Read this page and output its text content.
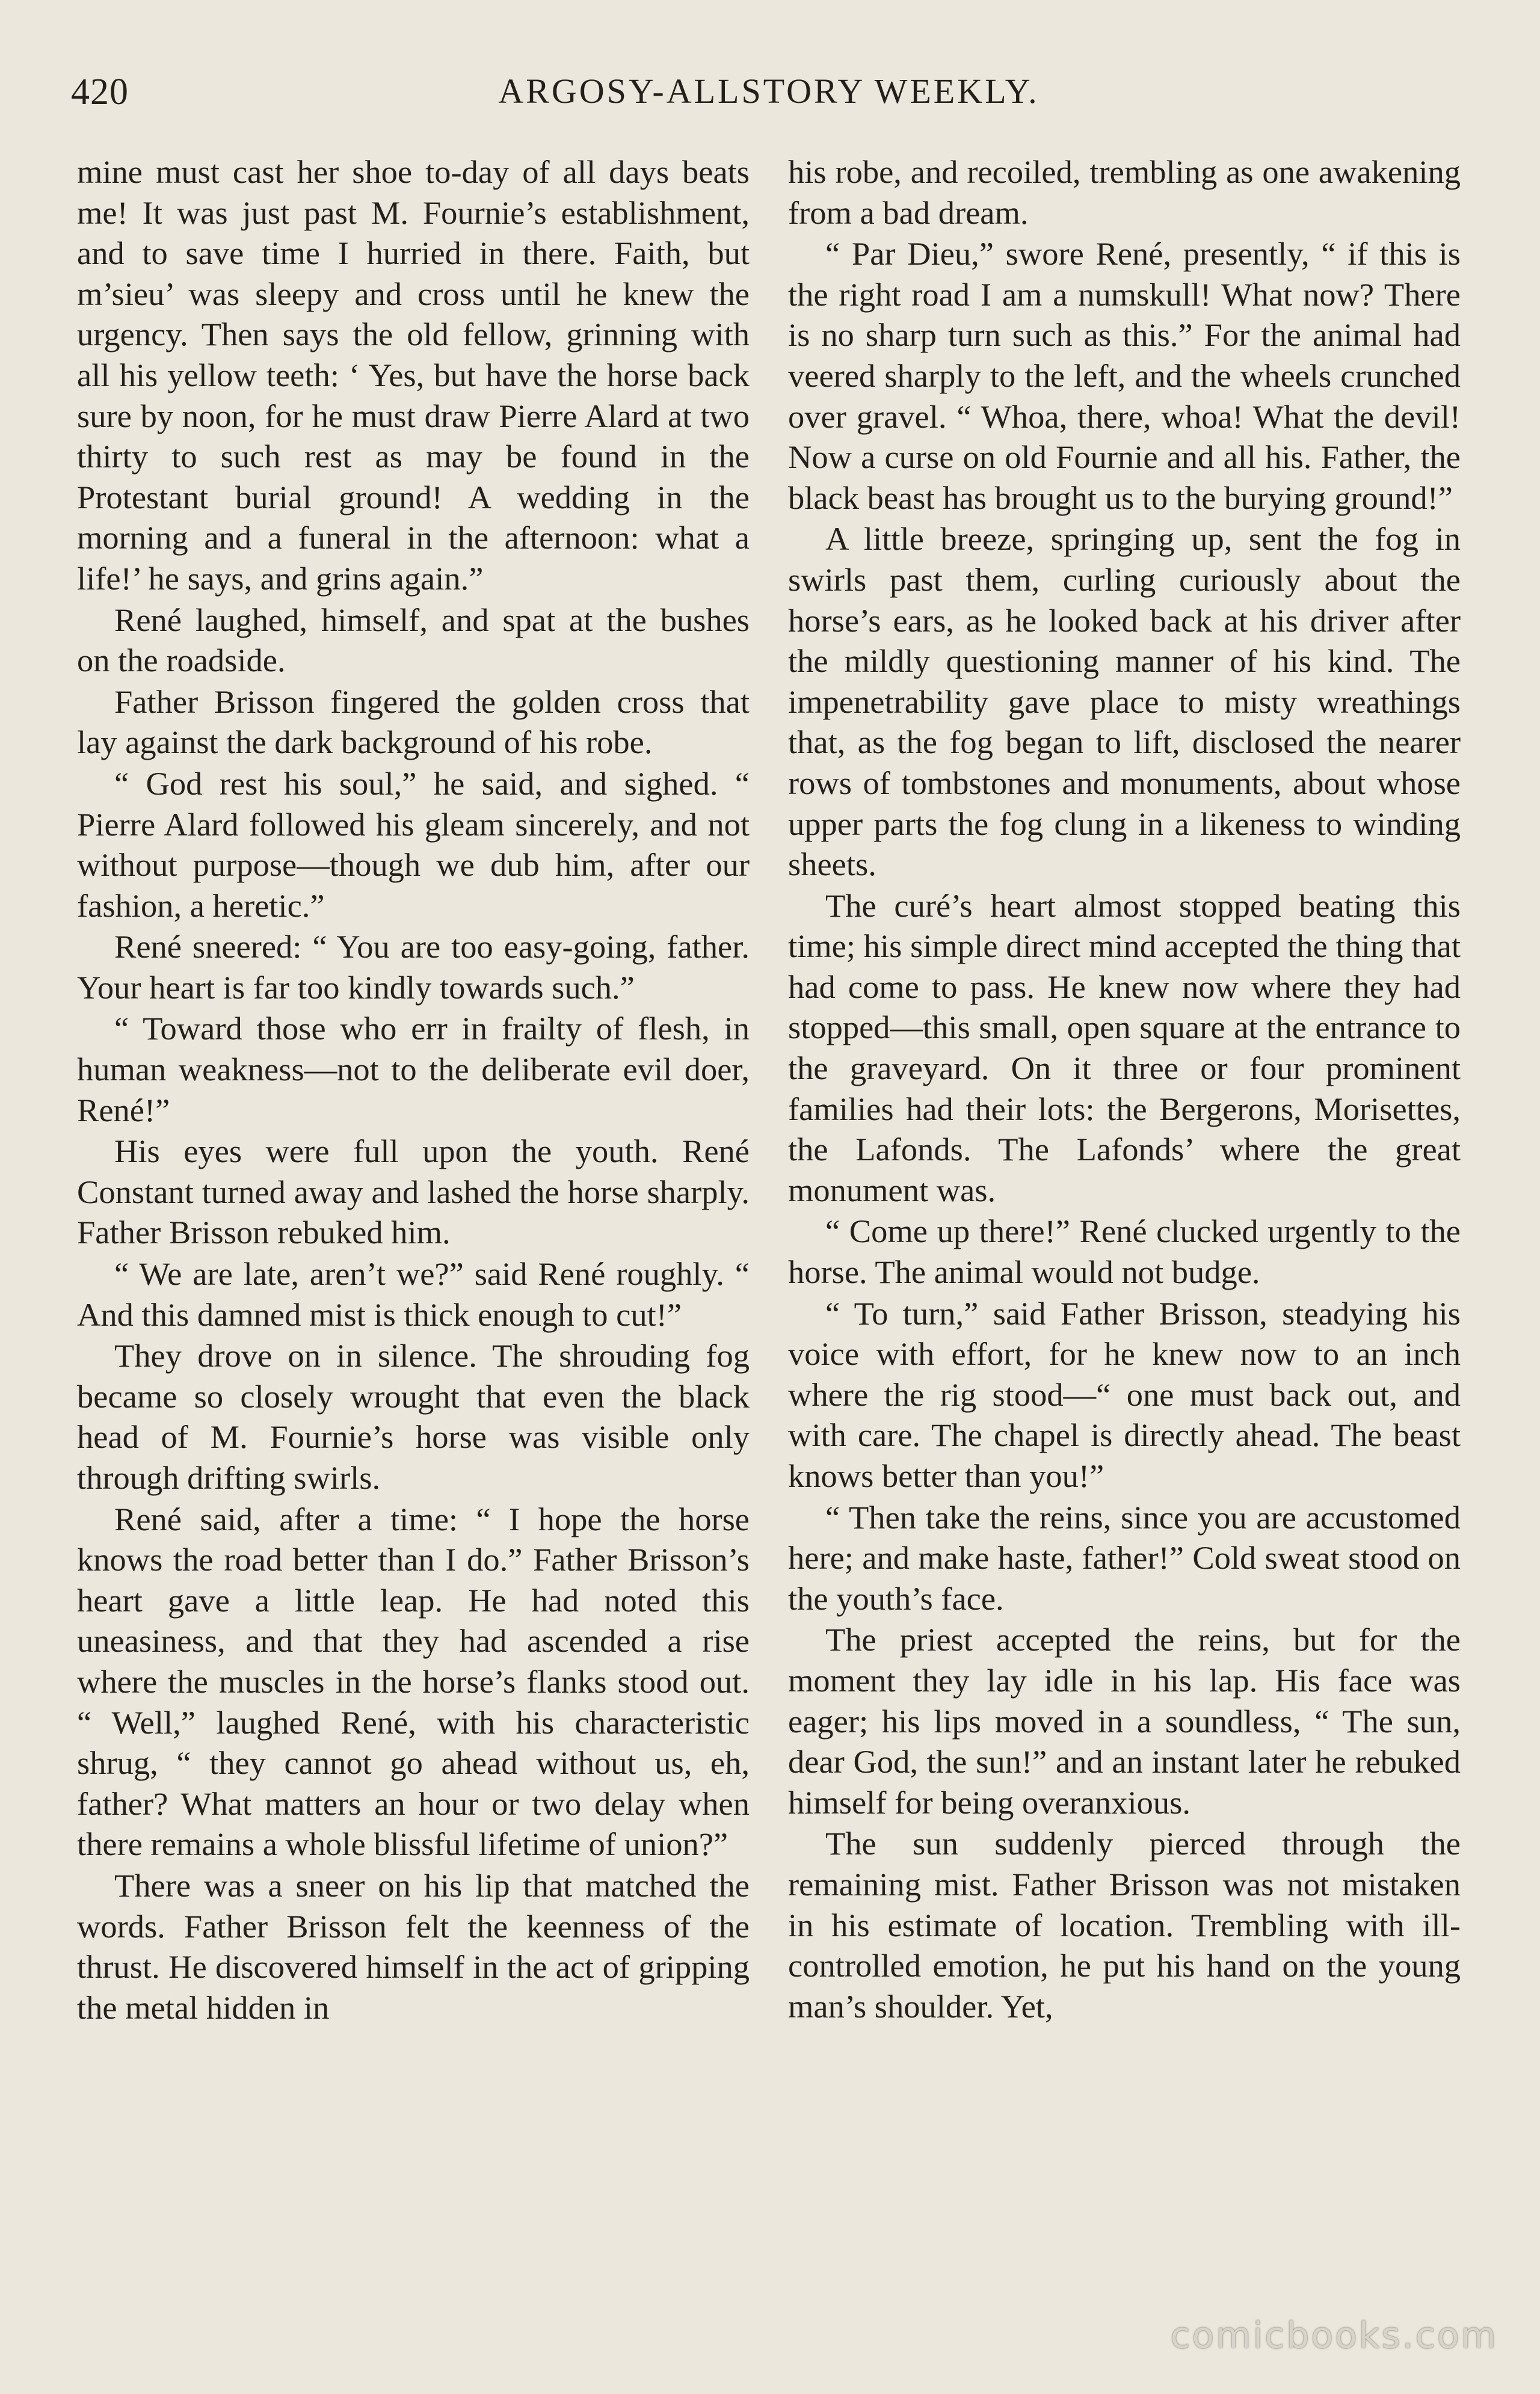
420	ARGOSY-ALLSTORY WEEKLY.

mine must cast her shoe to-day of all days beats me! It was just past M. Fournie’s establishment, and to save time I hurried in there. Faith, but m’sieu’ was sleepy and cross until he knew the urgency. Then says the old fellow, grinning with all his yellow teeth: ‘ Yes, but have the horse back sure by noon, for he must draw Pierre Alard at two thirty to such rest as may be found in the Protestant burial ground! A wedding in the morning and a funeral in the afternoon: what a life!’ he says, and grins again.”

René laughed, himself, and spat at the bushes on the roadside.

Father Brisson fingered the golden cross that lay against the dark background of his robe.

“ God rest his soul,” he said, and sighed. “ Pierre Alard followed his gleam sincerely, and not without purpose—though we dub him, after our fashion, a heretic.”

René sneered: “ You are too easy-going, father. Your heart is far too kindly towards such.”

“ Toward those who err in frailty of flesh, in human weakness—not to the deliberate evil doer, René!”

His eyes were full upon the youth. René Constant turned away and lashed the horse sharply. Father Brisson rebuked him.

“ We are late, aren’t we?” said René roughly. “ And this damned mist is thick enough to cut!”

They drove on in silence. The shrouding fog became so closely wrought that even the black head of M. Fournie’s horse was visible only through drifting swirls.

René said, after a time: “ I hope the horse knows the road better than I do.” Father Brisson’s heart gave a little leap. He had noted this uneasiness, and that they had ascended a rise where the muscles in the horse’s flanks stood out. “ Well,” laughed René, with his characteristic shrug, “ they cannot go ahead without us, eh, father? What matters an hour or two delay when there remains a whole blissful lifetime of union?”

There was a sneer on his lip that matched the words. Father Brisson felt the keenness of the thrust. He discovered himself in the act of gripping the metal hidden in

his robe, and recoiled, trembling as one awakening from a bad dream.

“ Par Dieu,” swore René, presently, “ if this is the right road I am a numskull! What now? There is no sharp turn such as this.” For the animal had veered sharply to the left, and the wheels crunched over gravel. “ Whoa, there, whoa! What the devil! Now a curse on old Fournie and all his. Father, the black beast has brought us to the burying ground!”

A little breeze, springing up, sent the fog in swirls past them, curling curiously about the horse’s ears, as he looked back at his driver after the mildly questioning manner of his kind. The impenetrability gave place to misty wreathings that, as the fog began to lift, disclosed the nearer rows of tombstones and monuments, about whose upper parts the fog clung in a likeness to winding sheets.

The curé’s heart almost stopped beating this time; his simple direct mind accepted the thing that had come to pass. He knew now where they had stopped—this small, open square at the entrance to the graveyard. On it three or four prominent families had their lots: the Bergerons, Morisettes, the Lafonds. The Lafonds’ where the great monument was.

“ Come up there!” René clucked urgently to the horse. The animal would not budge.

“ To turn,” said Father Brisson, steadying his voice with effort, for he knew now to an inch where the rig stood—“ one must back out, and with care. The chapel is directly ahead. The beast knows better than you!”

“ Then take the reins, since you are accustomed here; and make haste, father!” Cold sweat stood on the youth’s face.

The priest accepted the reins, but for the moment they lay idle in his lap. His face was eager; his lips moved in a soundless, “ The sun, dear God, the sun!” and an instant later he rebuked himself for being overanxious.

The sun suddenly pierced through the remaining mist. Father Brisson was not mistaken in his estimate of location. Trembling with ill-controlled emotion, he put his hand on the young man’s shoulder. Yet,

comicbooks.com
